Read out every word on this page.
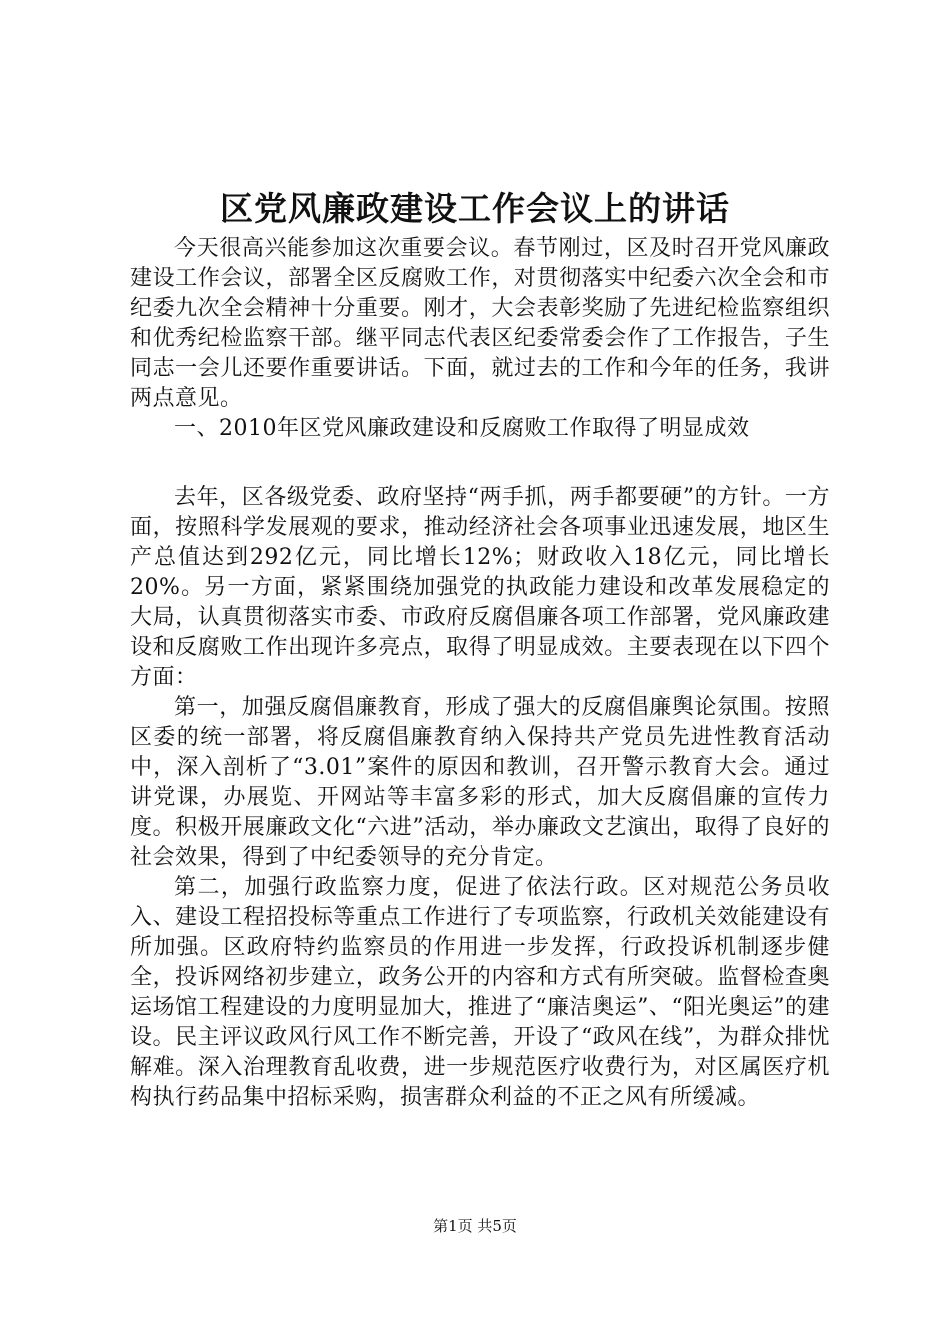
区党风廉政建设工作会议上的讲话

今天很高兴能参加这次重要会议。春节刚过，区及时召开党风廉政建设工作会议，部署全区反腐败工作，对贯彻落实中纪委六次全会和市纪委九次全会精神十分重要。刚才，大会表彰奖励了先进纪检监察组织和优秀纪检监察干部。继平同志代表区纪委常委会作了工作报告，子生同志一会儿还要作重要讲话。下面，就过去的工作和今年的任务，我讲两点意见。

一、2010年区党风廉政建设和反腐败工作取得了明显成效

去年，区各级党委、政府坚持“两手抓，两手都要硬”的方针。一方面，按照科学发展观的要求，推动经济社会各项事业迅速发展，地区生产总值达到292亿元，同比增长12%；财政收入18亿元，同比增长20%。另一方面，紧紧围绕加强党的执政能力建设和改革发展稳定的大局，认真贯彻落实市委、市政府反腐倡廉各项工作部署，党风廉政建设和反腐败工作出现许多亮点，取得了明显成效。主要表现在以下四个方面：

第一，加强反腐倡廉教育，形成了强大的反腐倡廉舆论氛围。按照区委的统一部署，将反腐倡廉教育纳入保持共产党员先进性教育活动中，深入剖析了“3.01”案件的原因和教训，召开警示教育大会。通过讲党课，办展览、开网站等丰富多彩的形式，加大反腐倡廉的宣传力度。积极开展廉政文化“六进”活动，举办廉政文艺演出，取得了良好的社会效果，得到了中纪委领导的充分肯定。

第二，加强行政监察力度，促进了依法行政。区对规范公务员收入、建设工程招投标等重点工作进行了专项监察，行政机关效能建设有所加强。区政府特约监察员的作用进一步发挥，行政投诉机制逐步健全，投诉网络初步建立，政务公开的内容和方式有所突破。监督检查奥运场馆工程建设的力度明显加大，推进了“廉洁奥运”、“阳光奥运”的建设。民主评议政风行风工作不断完善，开设了“政风在线”，为群众排忧解难。深入治理教育乱收费，进一步规范医疗收费行为，对区属医疗机构执行药品集中招标采购，损害群众利益的不正之风有所缓减。

第1页 共5页
